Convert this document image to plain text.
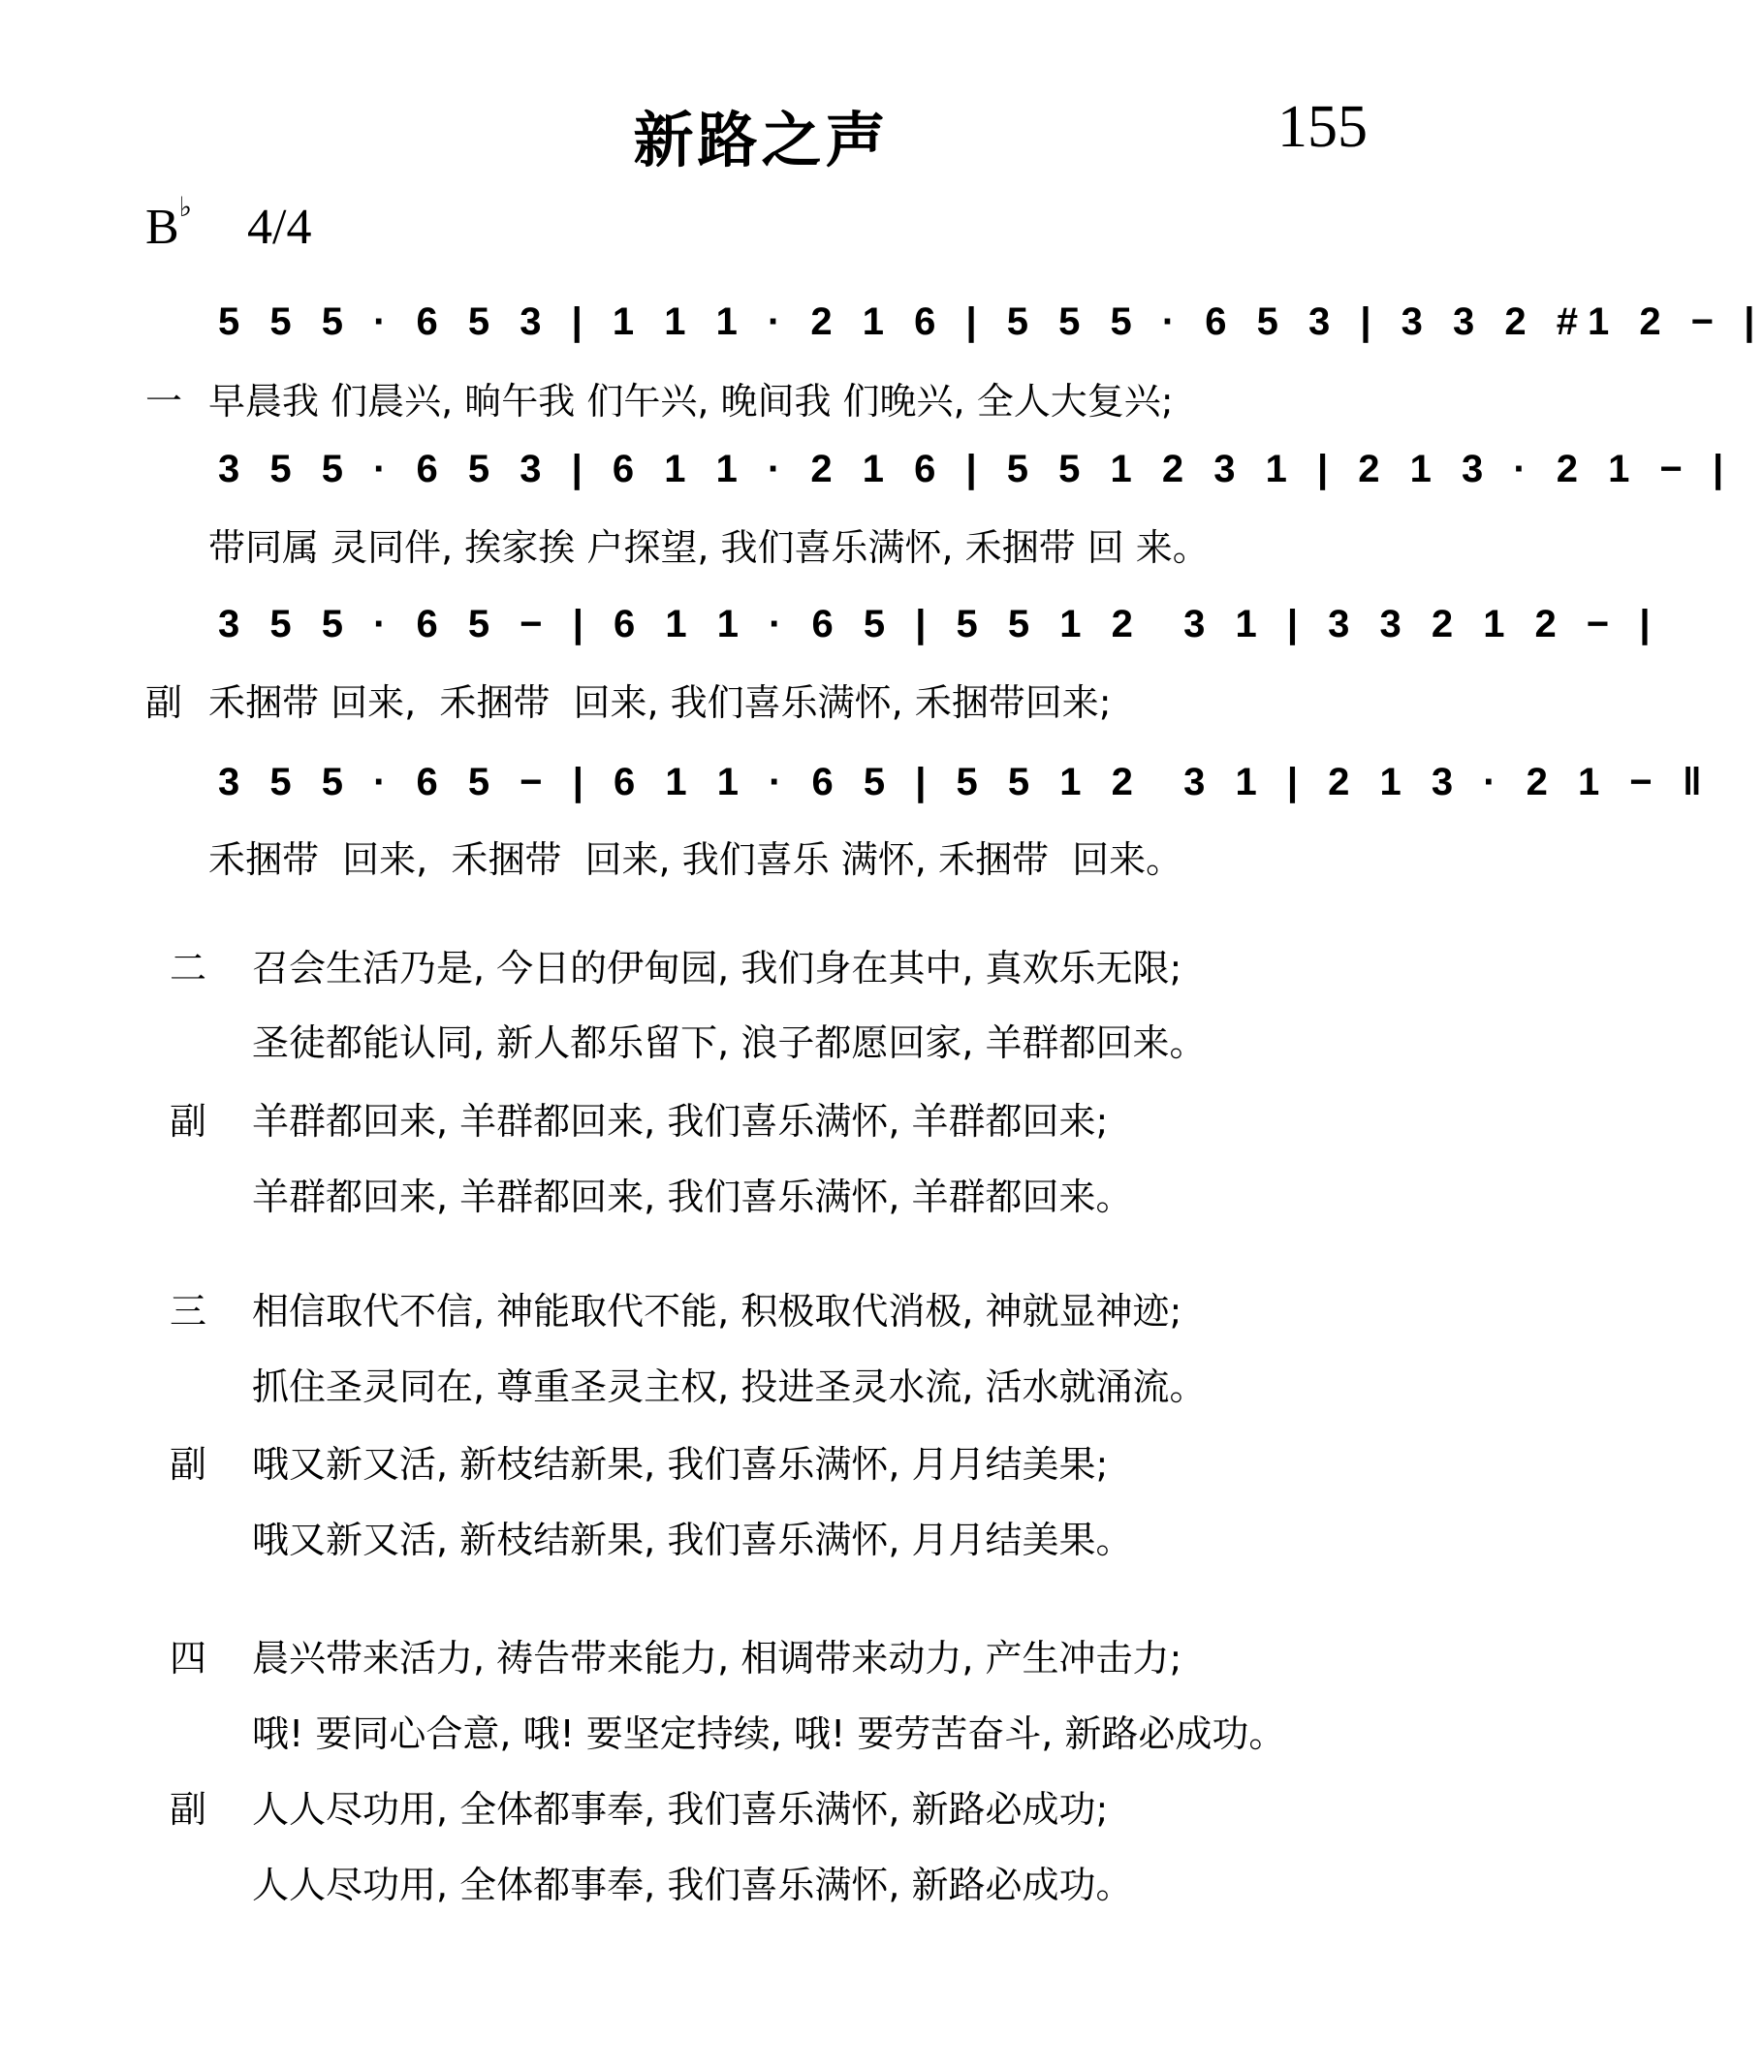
新路之声	155
B♭ 4/4
5 5 5 · 6 5 3 | 1 1 1 · 2 1 6 | 5 5 5 · 6 5 3 | 3 3 2 #1 2 − |
一 早晨我 们晨兴, 晌午我 们午兴, 晚间我 们晚兴, 全人大复兴;
3 5 5 · 6 5 3 | 6 1 1 · 2 1 6 | 5 5 1 2 3 1 | 2 1 3 · 2 1 − |
带同属 灵同伴, 挨家挨 户探望, 我们喜乐满怀, 禾捆带 回 来。
3 5 5 · 6 5 − | 6 1 1 · 6 5 | 5 5 1 2  3 1 | 3 3 2 1 2 − |
副 禾捆带 回来,  禾捆带  回来, 我们喜乐满怀, 禾捆带回来;
3 5 5 · 6 5 − | 6 1 1 · 6 5 | 5 5 1 2  3 1 | 2 1 3 · 2 1 − ‖
禾捆带  回来,  禾捆带  回来, 我们喜乐 满怀, 禾捆带  回来。
二 召会生活乃是, 今日的伊甸园, 我们身在其中, 真欢乐无限;
圣徒都能认同, 新人都乐留下, 浪子都愿回家, 羊群都回来。
副 羊群都回来, 羊群都回来, 我们喜乐满怀, 羊群都回来;
羊群都回来, 羊群都回来, 我们喜乐满怀, 羊群都回来。
三 相信取代不信, 神能取代不能, 积极取代消极, 神就显神迹;
抓住圣灵同在, 尊重圣灵主权, 投进圣灵水流, 活水就涌流。
副 哦又新又活, 新枝结新果, 我们喜乐满怀, 月月结美果;
哦又新又活, 新枝结新果, 我们喜乐满怀, 月月结美果。
四 晨兴带来活力, 祷告带来能力, 相调带来动力, 产生冲击力;
哦! 要同心合意, 哦! 要坚定持续, 哦! 要劳苦奋斗, 新路必成功。
副 人人尽功用, 全体都事奉, 我们喜乐满怀, 新路必成功;
人人尽功用, 全体都事奉, 我们喜乐满怀, 新路必成功。
